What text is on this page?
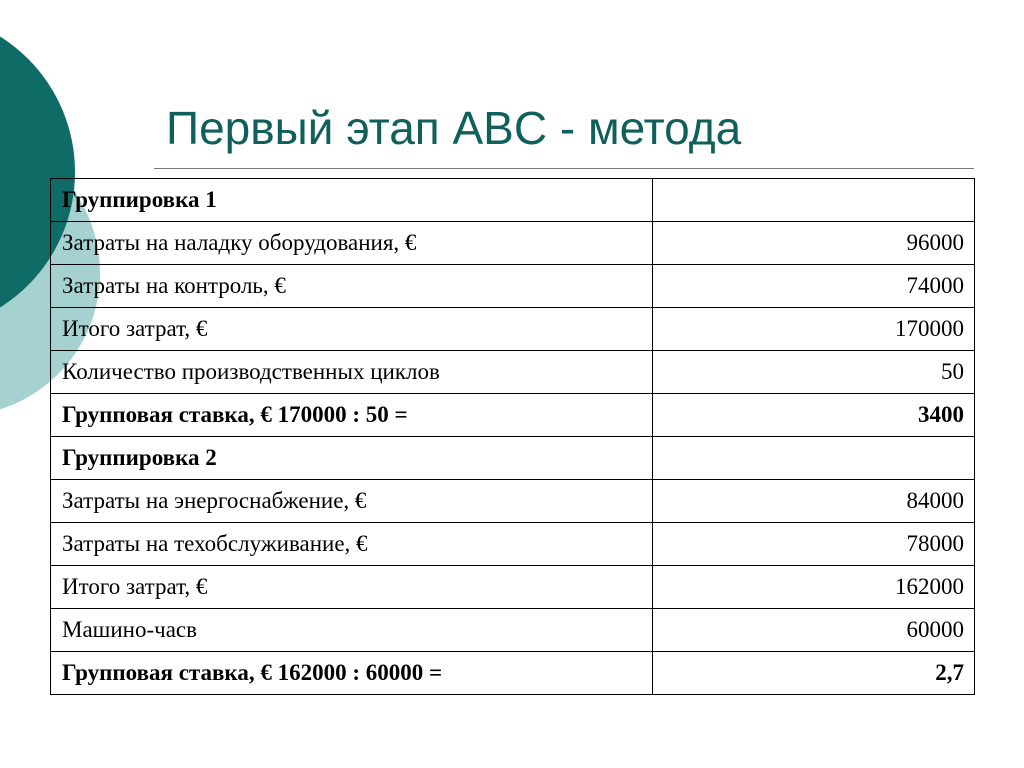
Первый этап ABC - метода
Группировка 1	
Затраты на наладку оборудования, €	96000
Затраты на контроль, €	74000
Итого затрат, €	170000
Количество производственных циклов	50
Групповая ставка, € 170000 : 50 =	3400
Группировка 2	
Затраты на энергоснабжение, €	84000
Затраты на техобслуживание, €	78000
Итого затрат, €	162000
Машино-часв	60000
Групповая ставка, € 162000 : 60000 =	2,7
